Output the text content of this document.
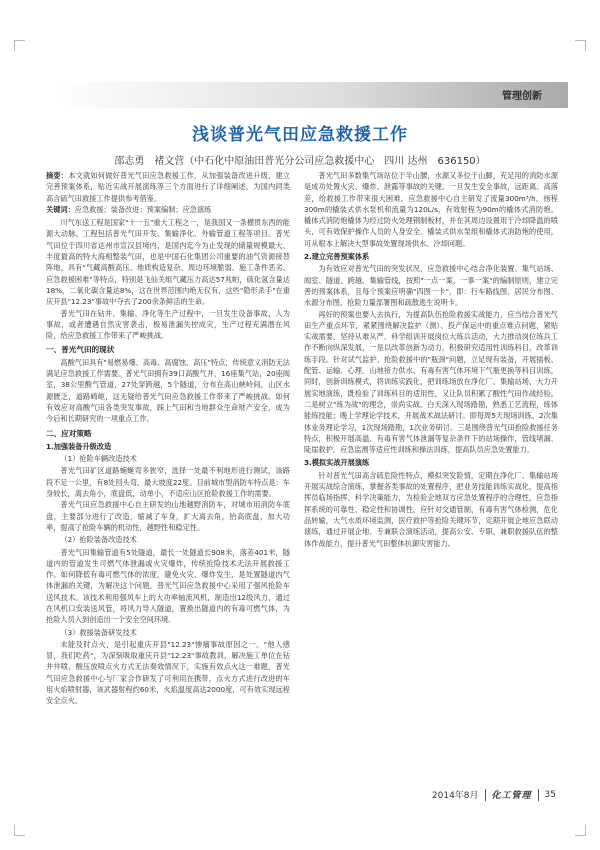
管理创新
浅谈普光气田应急救援工作
邵志勇　褚文营（中石化中原油田普光分公司应急救援中心　四川 达州　636150）

摘要：本文就如何做好普光气田应急救援工作，从加强装备改进升级、建立完善预案体系，贴近实战开展演练等三个方面进行了详细阐述，为国内同类高含硫气田救援工作提供参考借鉴。

关键词：应急救援；装备改进；预案编制；应急演练

川气东送工程是国家"十一五"重大工程之一，是我国又一条横贯东西的能源大动脉。工程包括普光气田开发、集输净化、外输管道工程等项目。普光气田位于四川省达州市宣汉县境内，是国内迄今为止发现的储量规模最大、丰度最高的特大海相整装气田，也是中国石化集团公司重要的油气资源接替阵地，具有"气藏高酸高压、地质构造复杂、周边环境脆弱、施工条件恶劣、应急救援困难"等特点，特别是飞仙关组气藏压力高达57兆帕，硫化氢含量达18%，二氧化碳含量达8%，这在世界范围内绝无仅有，这些"隐形杀手"在重庆开县"12.23"事故中夺去了200余条鲜活的生命。

普光气田在钻井、集输、净化等生产过程中，一旦发生设备事故，人为事故，或者遭遇自然灾害袭击，极易泄漏失控成灾，生产过程充满潜在风险，给应急救援工作带来了严峻挑战。

一、普光气田的现状

高酸气田具有"易燃易爆、高毒、高腐蚀、高压"特点，传统意义消防无法满足应急救援工作需要。普光气田拥有39口高酸气井，16座集气站，20座阀室，38公里酸气管道，27处穿跨越，5个隧道，分布在高山峡岭间，山区水源匮乏，道路崎岖，这无疑给普光气田应急救援工作带来了严峻挑战。如何有效应对高酸气田各类突发事故，踩上气田和当地群众生命财产安全，成为今后和长期研究的一项重点工作。

二、应对策略
1.加强装备升级改造
（1）抢险车辆改造技术

普光气田矿区道路蜿蜒弯多狭窄，选择一处最不利地形进行测试，该路段不足一公里，有8处回头弯，最大坡度22度。目前城市型消防车特点是：车身较长，离去角小，底盘低，动单小，不适应山区抢险救援工作的需要。

普光气田应急救援中心自主研发的山地越野消防车，对城市用消防车底盘，主要部分进行了改造，缩减了车身，扩大离去角，抬高底盘，加大功率，提高了抢险车辆的机动性，越野性和稳定性。

（2）抢险装备改造技术

普光气田集输管道有5处隧道，最长一处隧道长908米，落差401米，隧道内的管道发生可燃气体泄漏或火灾爆炸，传统抢险技术无法开展救援工作。如何降低有毒可燃气体的浓度，避免火灾、爆炸发生，是处置隧道内气体泄漏的关键，为解决这个问题，普光气田应急救援中心采用了强风抢险车送风技术。该技术利用强风车上的大功率轴流风机，制造出12级风力，通过在风机口安装送风管，将风力导入隧道，置换出隧道内的有毒可燃气体，为抢险人员入到创造出一个安全空间环境。

（3）救援装备研发技术

未能及时点火，是引起重庆开县"12.23"惨痛事故原因之一。"他人感冒，我们吃药"，为深刻吸取重庆开县"12.23"事故教训，解决施工单位在钻井井喷、酸压放喷点火方式无法奏效情况下，实施有效点火这一难题，普光气田应急救援中心与厂家合作研发了可利用在携带，点火方式进行改进的车用火焰喷射器，该武器射程约60米，火焰温度高达2000度，可有效实现远程安全点火。

普光气田多数集气场站位于半山腰，水源又多位于山脚，充足用的消防水源是成功处置火灾、爆炸、泄露等事故的关键。一旦发生安全事故，远距离、高落差，给救援工作带来很大困难。应急救援中心自主研发了流量300m³/h，扬程300m的橇装式供水泵机和流量为120L/s，有效射程为90m的橇体式消防炮。橇体式消防炮橇体为经过防火处理钢制板材，并在其周边设置用于冷却降温的喷头，可有效保护操作人员的人身安全。橇装式供水泵组和橇体式消防炮的使用，可从根本上解决大型事故处置现场供水、冷却问题。

2.建立完善预案体系

为有效应对普光气田的突发状况，应急救援中心结合净化装置、集气站场、阀室、隧道、跨越、集输管线，按照"一点一案、一事一案"的编制原则，建立完善的预案体系，且每个预案应明确"四图一卡"，即：行车路线图、居民分布图、水源分布图，抢险力量部署图和疏散逃生说明卡。

再好的预案也要人去执行，为提高队伍抢险救援实战能力，应当结合普光气田生产重点环节，紧紧围绕解决监护（测）、投产保运中的重点难点问题，紧贴实战需要，坚持从难从严、科学组训开展岗位大练兵活动，大力推动岗位练兵工作不断向纵深发展，一是以改革创新为动力，积极研究适用性训练科目，改革训练手段。针对试气监护、抢险救援中的"瓶颈"问题，立足现有装备，开展插板、配管、运输、心理、山地接力供水、有毒有害气体环境下气瓶更换等科目训练，同时，创新训练模式，将训练实践化，把训练场放在净化厂、集输站场，大力开展实地演练，既检验了训练科目的适用性，又让队员积累了酸性气田作战经验。二是树立"练为战"的理念，崇尚实战。白天深入现场踏勘，熟悉工艺流程，练体能练技能；晚上学理论学技术，开展战术战法研讨。即每周5天现场训练，2次集体业务理论学习，1次现场踏勘，1次业务研讨。三是围绕普光气田抢险救援任务特点，积极开展高温、有毒有害气体泄漏等复杂条件下的站场操作，管线堵漏、陡崖救护，应急监测等适应性训练和操法训练，提高队员应急处置能力。

3.模拟实战开展演练

针对普光气田高含硫危险性特点，模拟突发险情，定期在净化厂、集输站场开展实战综合演练，掌握各类事故的处置程序，把业务技能训练实战化，提高指挥员临场指挥、科学决策能力，为检验企地双方应急处置程序的合理性，应急指挥系统的可靠性、稳定性和协调性，应针对交通管制，有毒有害气体检测，危化品转输，大气水质环境监测，医疗救护等抢险关键环节，定期开展企地应急联动演练，通过开展企地、专兼联合演练活动，提高公安、专职、兼职救援队伍的整体作战能力，提升普光气田整体抗御灾害能力。

2014年8月 化工管理 35
